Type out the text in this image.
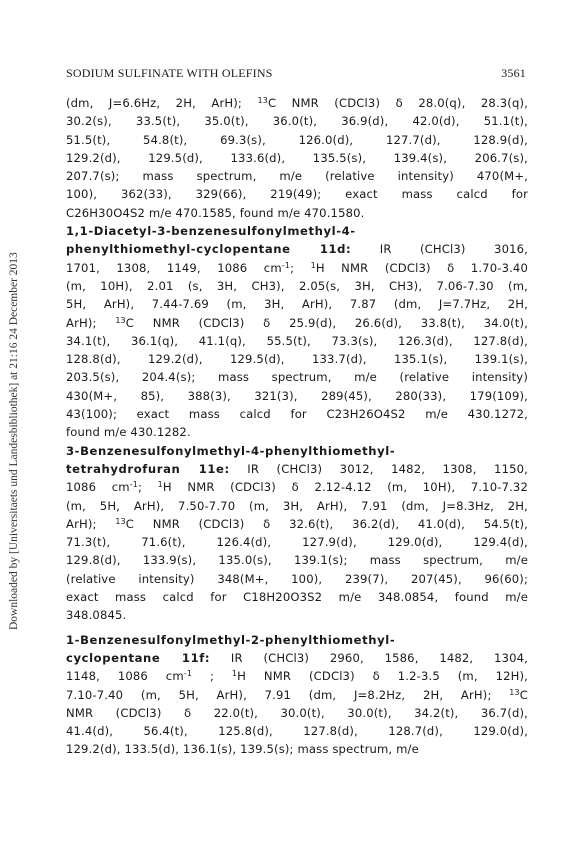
SODIUM SULFINATE WITH OLEFINS	3561
Downloaded by [Universitaets und Landesbibliothek] at 21:16 24 December 2013
(dm, J=6.6Hz, 2H, ArH); $^{13}$C NMR (CDCl3) δ 28.0(q), 28.3(q),
30.2(s), 33.5(t), 35.0(t), 36.0(t), 36.9(d), 42.0(d), 51.1(t),
51.5(t), 54.8(t), 69.3(s), 126.0(d), 127.7(d), 128.9(d),
129.2(d), 129.5(d), 133.6(d), 135.5(s), 139.4(s), 206.7(s),
207.7(s); mass spectrum, m/e (relative intensity) 470(M+,
100), 362(33), 329(66), 219(49); exact mass calcd for
C26H30O4S2 m/e 470.1585, found m/e 470.1580.
1,1-Diacetyl-3-benzenesulfonylmethyl-4-
phenylthiomethyl-cyclopentane 11d: IR (CHCl3) 3016,
1701, 1308, 1149, 1086 $cm^{-1}$; $^1$H NMR (CDCl3) δ 1.70-3.40
(m, 10H), 2.01 (s, 3H, CH3), 2.05(s, 3H, CH3), 7.06-7.30 (m,
5H, ArH), 7.44-7.69 (m, 3H, ArH), 7.87 (dm, J=7.7Hz, 2H,
ArH); $^{13}$C NMR (CDCl3) δ 25.9(d), 26.6(d), 33.8(t), 34.0(t),
34.1(t), 36.1(q), 41.1(q), 55.5(t), 73.3(s), 126.3(d), 127.8(d),
128.8(d), 129.2(d), 129.5(d), 133.7(d), 135.1(s), 139.1(s),
203.5(s), 204.4(s); mass spectrum, m/e (relative intensity)
430(M+, 85), 388(3), 321(3), 289(45), 280(33), 179(109),
43(100); exact mass calcd for C23H26O4S2 m/e 430.1272,
found m/e 430.1282.
3-Benzenesulfonylmethyl-4-phenylthiomethyl-
tetrahydrofuran 11e: IR (CHCl3) 3012, 1482, 1308, 1150,
1086 $cm^{-1}$; $^1$H NMR (CDCl3) δ 2.12-4.12 (m, 10H), 7.10-7.32
(m, 5H, ArH), 7.50-7.70 (m, 3H, ArH), 7.91 (dm, J=8.3Hz, 2H,
ArH); $^{13}$C NMR (CDCl3) δ 32.6(t), 36.2(d), 41.0(d), 54.5(t),
71.3(t), 71.6(t), 126.4(d), 127.9(d), 129.0(d), 129.4(d),
129.8(d), 133.9(s), 135.0(s), 139.1(s); mass spectrum, m/e
(relative intensity) 348(M+, 100), 239(7), 207(45), 96(60);
exact mass calcd for C18H20O3S2 m/e 348.0854, found m/e
348.0845.
1-Benzenesulfonylmethyl-2-phenylthiomethyl-
cyclopentane 11f: IR (CHCl3) 2960, 1586, 1482, 1304,
1148, 1086 $cm^{-1}$ ; $^1$H NMR (CDCl3) δ 1.2-3.5 (m, 12H),
7.10-7.40 (m, 5H, ArH), 7.91 (dm, J=8.2Hz, 2H, ArH); $^{13}$C
NMR (CDCl3) δ 22.0(t), 30.0(t), 30.0(t), 34.2(t), 36.7(d),
41.4(d), 56.4(t), 125.8(d), 127.8(d), 128.7(d), 129.0(d),
129.2(d), 133.5(d), 136.1(s), 139.5(s); mass spectrum, m/e
